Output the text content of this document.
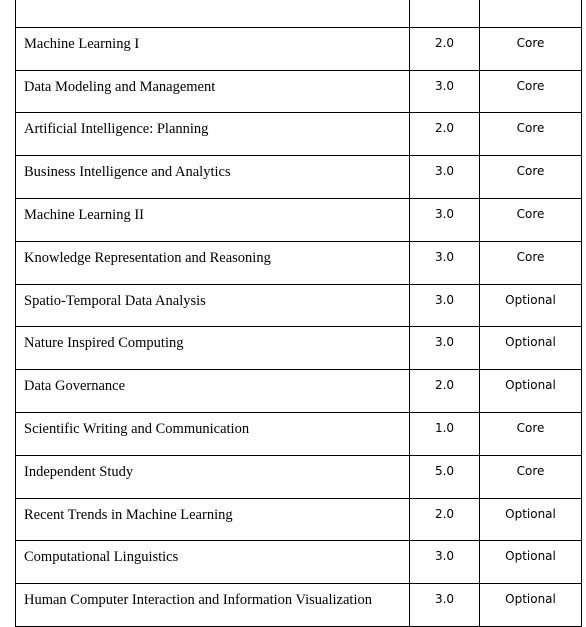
Machine Learning I	2.0	Core
Data Modeling and Management	3.0	Core
Artificial Intelligence: Planning	2.0	Core
Business Intelligence and Analytics	3.0	Core
Machine Learning II	3.0	Core
Knowledge Representation and Reasoning	3.0	Core
Spatio-Temporal Data Analysis	3.0	Optional
Nature Inspired Computing	3.0	Optional
Data Governance	2.0	Optional
Scientific Writing and Communication	1.0	Core
Independent Study	5.0	Core
Recent Trends in Machine Learning	2.0	Optional
Computational Linguistics	3.0	Optional
Human Computer Interaction and Information Visualization	3.0	Optional
